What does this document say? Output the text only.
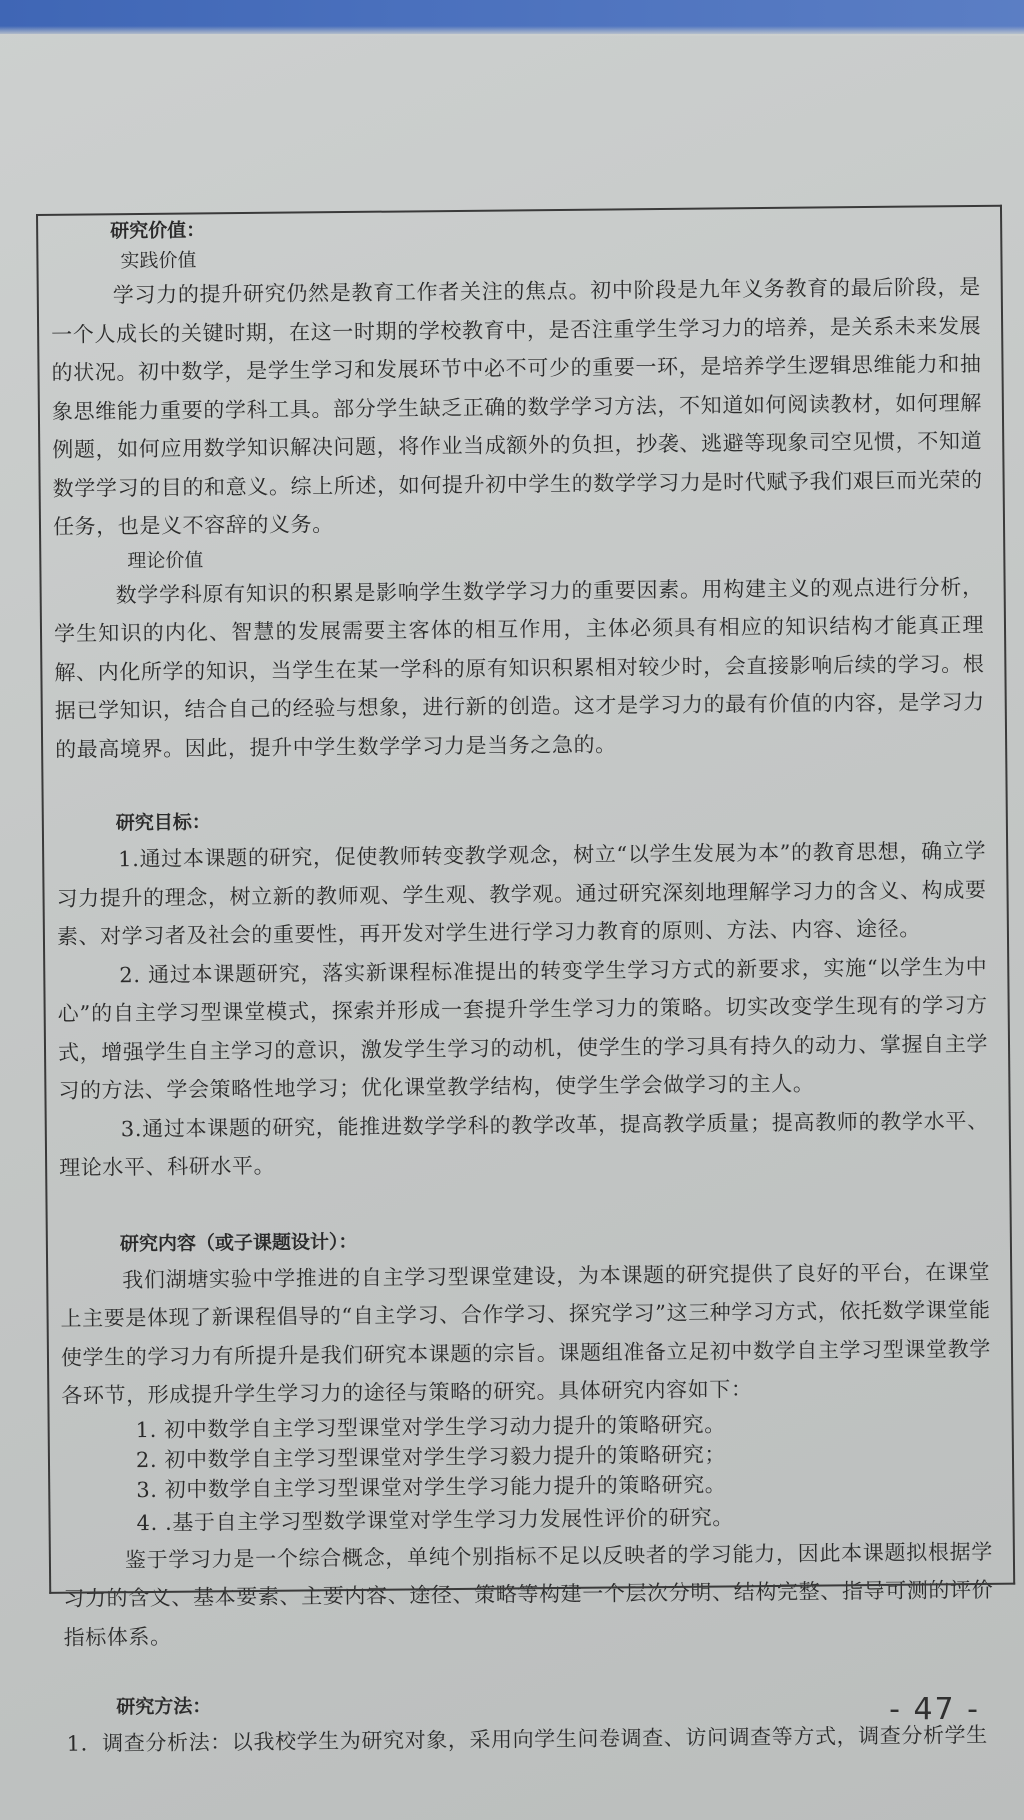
研究价值：
实践价值

学习力的提升研究仍然是教育工作者关注的焦点。初中阶段是九年义务教育的最后阶段，是一个人成长的关键时期，在这一时期的学校教育中，是否注重学生学习力的培养，是关系未来发展的状况。初中数学，是学生学习和发展环节中必不可少的重要一环，是培养学生逻辑思维能力和抽象思维能力重要的学科工具。部分学生缺乏正确的数学学习方法，不知道如何阅读教材，如何理解例题，如何应用数学知识解决问题，将作业当成额外的负担，抄袭、逃避等现象司空见惯，不知道数学学习的目的和意义。综上所述，如何提升初中学生的数学学习力是时代赋予我们艰巨而光荣的任务，也是义不容辞的义务。

理论价值

数学学科原有知识的积累是影响学生数学学习力的重要因素。用构建主义的观点进行分析，学生知识的内化、智慧的发展需要主客体的相互作用，主体必须具有相应的知识结构才能真正理解、内化所学的知识，当学生在某一学科的原有知识积累相对较少时，会直接影响后续的学习。根据已学知识，结合自己的经验与想象，进行新的创造。这才是学习力的最有价值的内容，是学习力的最高境界。因此，提升中学生数学学习力是当务之急的。

研究目标：

1.通过本课题的研究，促使教师转变教学观念，树立“以学生发展为本”的教育思想，确立学习力提升的理念，树立新的教师观、学生观、教学观。通过研究深刻地理解学习力的含义、构成要素、对学习者及社会的重要性，再开发对学生进行学习力教育的原则、方法、内容、途径。

2. 通过本课题研究，落实新课程标准提出的转变学生学习方式的新要求，实施“以学生为中心”的自主学习型课堂模式，探索并形成一套提升学生学习力的策略。切实改变学生现有的学习方式，增强学生自主学习的意识，激发学生学习的动机，使学生的学习具有持久的动力、掌握自主学习的方法、学会策略性地学习；优化课堂教学结构，使学生学会做学习的主人。

3.通过本课题的研究，能推进数学学科的教学改革，提高教学质量；提高教师的教学水平、理论水平、科研水平。

研究内容（或子课题设计）：

我们湖塘实验中学推进的自主学习型课堂建设，为本课题的研究提供了良好的平台，在课堂上主要是体现了新课程倡导的“自主学习、合作学习、探究学习”这三种学习方式，依托数学课堂能使学生的学习力有所提升是我们研究本课题的宗旨。课题组准备立足初中数学自主学习型课堂教学各环节，形成提升学生学习力的途径与策略的研究。具体研究内容如下：

1. 初中数学自主学习型课堂对学生学习动力提升的策略研究。

2. 初中数学自主学习型课堂对学生学习毅力提升的策略研究；

3. 初中数学自主学习型课堂对学生学习能力提升的策略研究。

4. .基于自主学习型数学课堂对学生学习力发展性评价的研究。

鉴于学习力是一个综合概念，单纯个别指标不足以反映者的学习能力，因此本课题拟根据学习力的含义、基本要素、主要内容、途径、策略等构建一个层次分明、结构完整、指导可测的评价指标体系。

研究方法：

1．调查分析法：以我校学生为研究对象，采用向学生问卷调查、访问调查等方式，调查分析学生

- 47 -
